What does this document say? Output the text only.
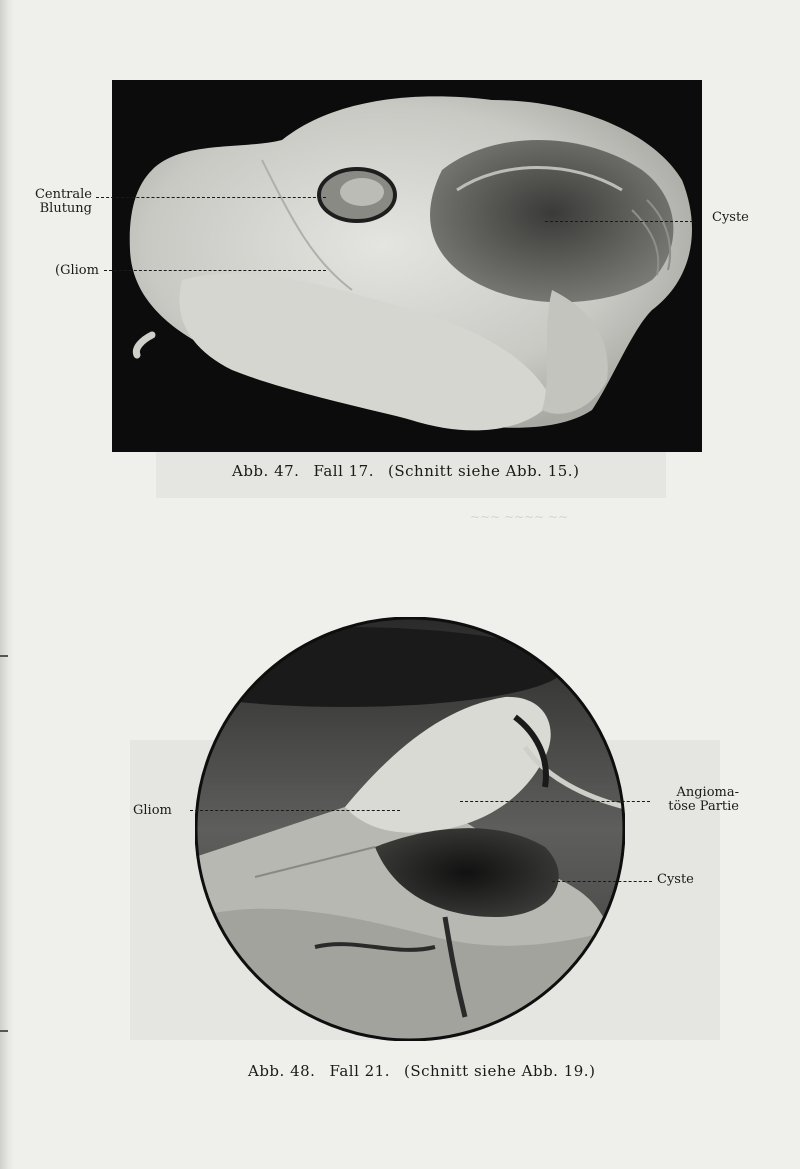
Centrale
Blutung
(Gliom
Cyste
Abb. 47. Fall 17. (Schnitt siehe Abb. 15.)
~~~ ~~~~ ~~
Gliom
Angioma-
töse Partie
Cyste
Abb. 48. Fall 21. (Schnitt siehe Abb. 19.)
